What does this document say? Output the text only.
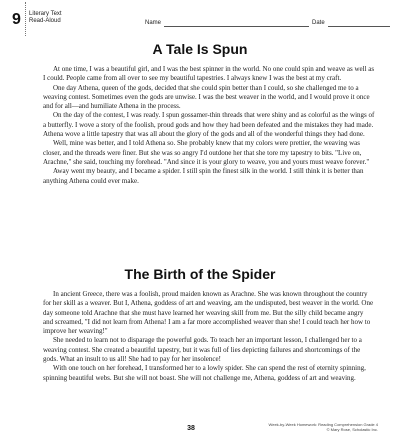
9 Literary Text
Read-Aloud	Name	Date
A Tale Is Spun

At one time, I was a beautiful girl, and I was the best spinner in the world. No one could spin and weave as well as I could. People came from all over to see my beautiful tapestries. I always knew I was the best at my craft.

One day Athena, queen of the gods, decided that she could spin better than I could, so she challenged me to a weaving contest. Sometimes even the gods are unwise. I was the best weaver in the world, and I would prove it once and for all—and humiliate Athena in the process.

On the day of the contest, I was ready. I spun gossamer-thin threads that were shiny and as colorful as the wings of a butterfly. I wove a story of the foolish, proud gods and how they had been defeated and the mistakes they had made. Athena wove a little tapestry that was all about the glory of the gods and all of the wonderful things they had done.

Well, mine was better, and I told Athena so. She probably knew that my colors were prettier, the weaving was closer, and the threads were finer. But she was so angry I'd outdone her that she tore my tapestry to bits. "Live on, Arachne," she said, touching my forehead. "And since it is your glory to weave, you and yours must weave forever."

Away went my beauty, and I became a spider. I still spin the finest silk in the world. I still think it is better than anything Athena could ever make.

The Birth of the Spider

In ancient Greece, there was a foolish, proud maiden known as Arachne. She was known throughout the country for her skill as a weaver. But I, Athena, goddess of art and weaving, am the undisputed, best weaver in the world. One day someone told Arachne that she must have learned her weaving skill from me. But the silly child became angry and screamed, "I did not learn from Athena! I am a far more accomplished weaver than she! I could teach her how to improve her weaving!"

She needed to learn not to disparage the powerful gods. To teach her an important lesson, I challenged her to a weaving contest. She created a beautiful tapestry, but it was full of lies depicting failures and shortcomings of the gods. What an insult to us all! She had to pay for her insolence!

With one touch on her forehead, I transformed her to a lowly spider. She can spend the rest of eternity spinning, spinning beautiful webs. But she will not boast. She will not challenge me, Athena, goddess of art and weaving.

38
Week-by-Week Homework: Reading Comprehension Grade 4
© Mary Rose, Scholastic Inc.
